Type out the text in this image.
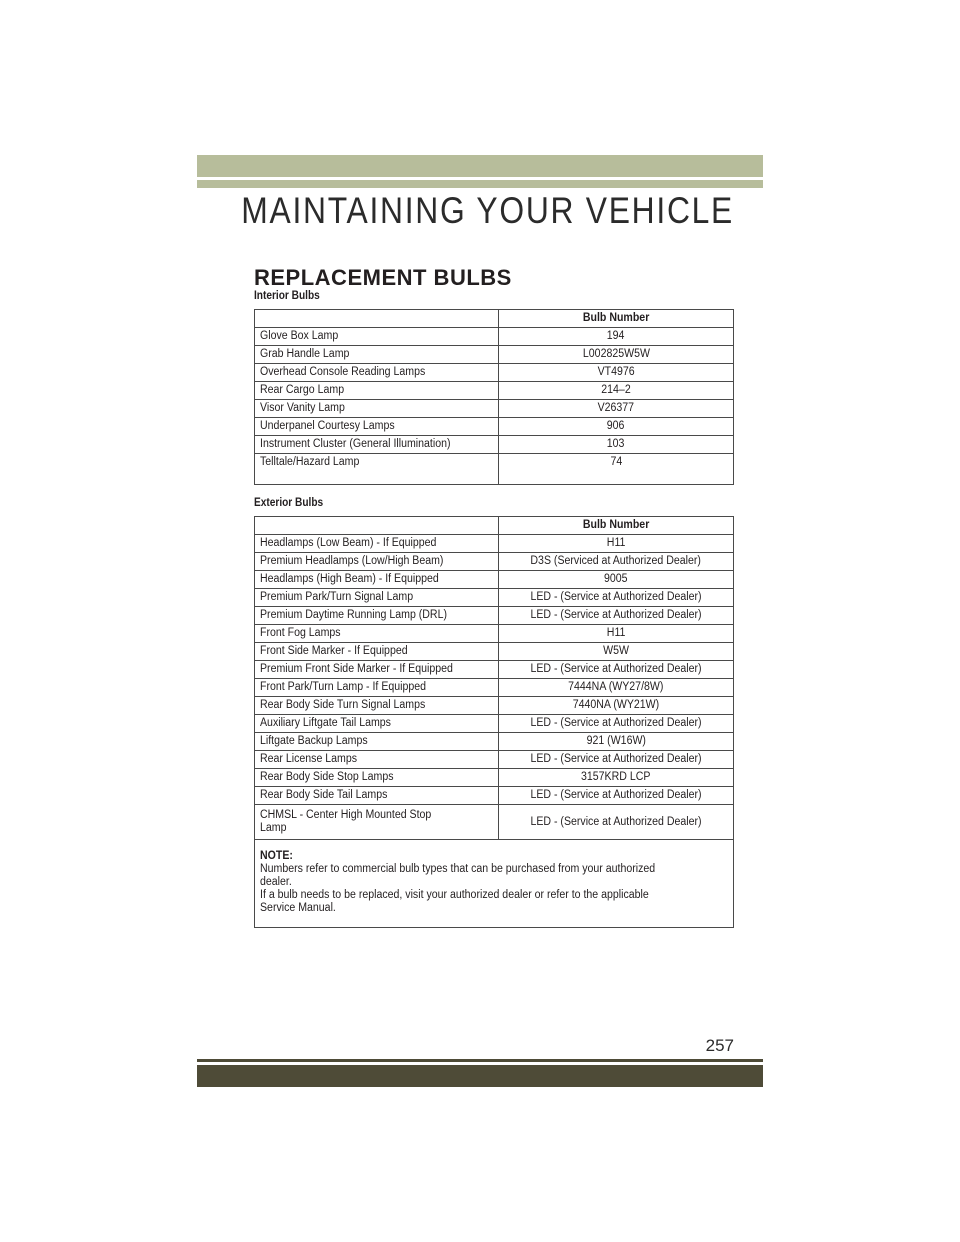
MAINTAINING YOUR VEHICLE
REPLACEMENT BULBS
Interior Bulbs
	Bulb Number
Glove Box Lamp	194
Grab Handle Lamp	L002825W5W
Overhead Console Reading Lamps	VT4976
Rear Cargo Lamp	214–2
Visor Vanity Lamp	V26377
Underpanel Courtesy Lamps	906
Instrument Cluster (General Illumination)	103
Telltale/Hazard Lamp	74
Exterior Bulbs
	Bulb Number
Headlamps (Low Beam) - If Equipped	H11
Premium Headlamps (Low/High Beam)	D3S (Serviced at Authorized Dealer)
Headlamps (High Beam) - If Equipped	9005
Premium Park/Turn Signal Lamp	LED - (Service at Authorized Dealer)
Premium Daytime Running Lamp (DRL)	LED - (Service at Authorized Dealer)
Front Fog Lamps	H11
Front Side Marker - If Equipped	W5W
Premium Front Side Marker - If Equipped	LED - (Service at Authorized Dealer)
Front Park/Turn Lamp - If Equipped	7444NA (WY27/8W)
Rear Body Side Turn Signal Lamps	7440NA (WY21W)
Auxiliary Liftgate Tail Lamps	LED - (Service at Authorized Dealer)
Liftgate Backup Lamps	921 (W16W)
Rear License Lamps	LED - (Service at Authorized Dealer)
Rear Body Side Stop Lamps	3157KRD LCP
Rear Body Side Tail Lamps	LED - (Service at Authorized Dealer)

CHMSL - Center High Mounted Stop
Lamp	LED - (Service at Authorized Dealer)

NOTE:
Numbers refer to commercial bulb types that can be purchased from your authorized
dealer.
If a bulb needs to be replaced, visit your authorized dealer or refer to the applicable
Service Manual.	
257
